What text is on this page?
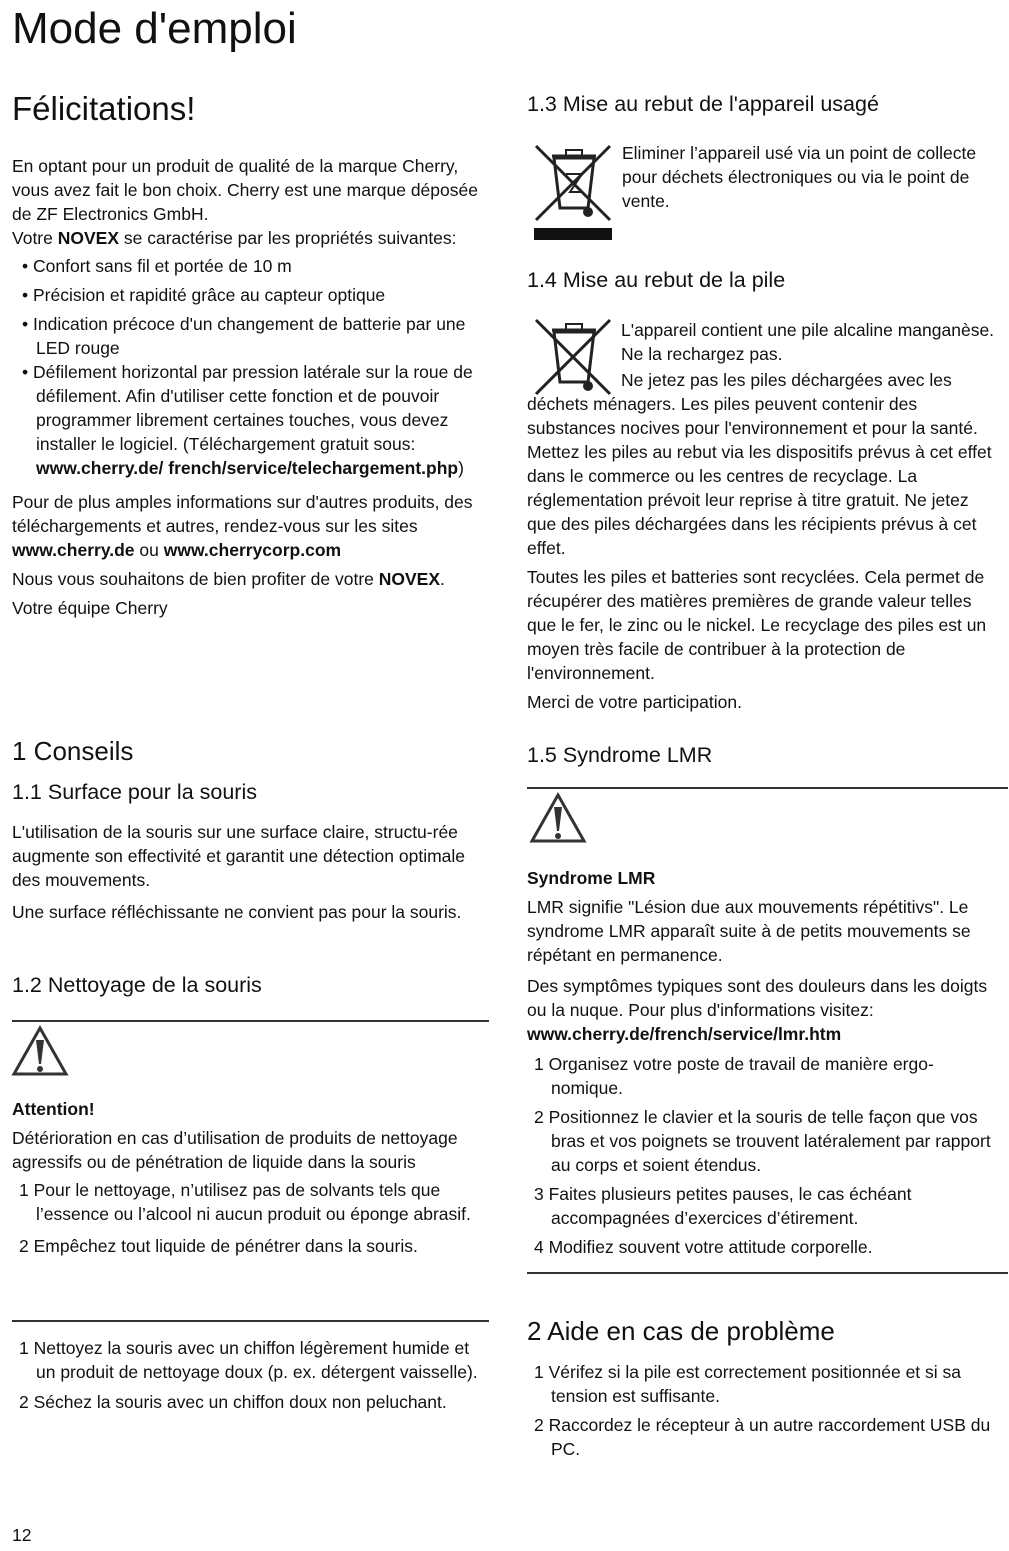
Mode d'emploi
Félicitations!

En optant pour un produit de qualité de la marque Cherry, vous avez fait le bon choix. Cherry est une marque déposée de ZF Electronics GmbH.

Votre NOVEX se caractérise par les propriétés suivantes:

• Confort sans fil et portée de 10 m

• Précision et rapidité grâce au capteur optique

• Indication précoce d'un changement de batterie par une LED rouge

• Défilement horizontal par pression latérale sur la roue de défilement. Afin d'utiliser cette fonction et de pouvoir programmer librement certaines touches, vous devez installer le logiciel. (Téléchargement gratuit sous: www.cherry.de/ french/service/telechargement.php)

Pour de plus amples informations sur d'autres produits, des téléchargements et autres, rendez-vous sur les sites www.cherry.de ou www.cherrycorp.com

Nous vous souhaitons de bien profiter de votre NOVEX.

Votre équipe Cherry

1 Conseils
1.1 Surface pour la souris

L'utilisation de la souris sur une surface claire, structu-rée augmente son effectivité et garantit une détection optimale des mouvements.

Une surface réfléchissante ne convient pas pour la souris.

1.2 Nettoyage de la souris

Attention!

Détérioration en cas d’utilisation de produits de nettoyage agressifs ou de pénétration de liquide dans la souris

1 Pour le nettoyage, n’utilisez pas de solvants tels que l’essence ou l’alcool ni aucun produit ou éponge abrasif.

2 Empêchez tout liquide de pénétrer dans la souris.

1 Nettoyez la souris avec un chiffon légèrement humide et un produit de nettoyage doux (p. ex. détergent vaisselle).

2 Séchez la souris avec un chiffon doux non peluchant.

12
1.3 Mise au rebut de l'appareil usagé

Eliminer l’appareil usé via un point de collecte pour déchets électroniques ou via le point de vente.

1.4 Mise au rebut de la pile

L'appareil contient une pile alcaline manganèse. Ne la rechargez pas.

Ne jetez pas les piles déchargées avec les déchets ménagers. Les piles peuvent contenir des substances nocives pour l'environnement et pour la santé. Mettez les piles au rebut via les dispositifs prévus à cet effet dans le commerce ou les centres de recyclage. La réglementation prévoit leur reprise à titre gratuit. Ne jetez que des piles déchargées dans les récipients prévus à cet effet.

Toutes les piles et batteries sont recyclées. Cela permet de récupérer des matières premières de grande valeur telles que le fer, le zinc ou le nickel. Le recyclage des piles est un moyen très facile de contribuer à la protection de l'environnement.

Merci de votre participation.

1.5 Syndrome LMR

Syndrome LMR

LMR signifie "Lésion due aux mouvements répétitivs". Le syndrome LMR apparaît suite à de petits mouvements se répétant en permanence.

Des symptômes typiques sont des douleurs dans les doigts ou la nuque. Pour plus d'informations visitez:

www.cherry.de/french/service/lmr.htm

1 Organisez votre poste de travail de manière ergo-nomique.

2 Positionnez le clavier et la souris de telle façon que vos bras et vos poignets se trouvent latéralement par rapport au corps et soient étendus.

3 Faites plusieurs petites pauses, le cas échéant accompagnées d’exercices d’étirement.

4 Modifiez souvent votre attitude corporelle.

2 Aide en cas de problème

1 Vérifez si la pile est correctement positionnée et si sa tension est suffisante.

2 Raccordez le récepteur à un autre raccordement USB du PC.
